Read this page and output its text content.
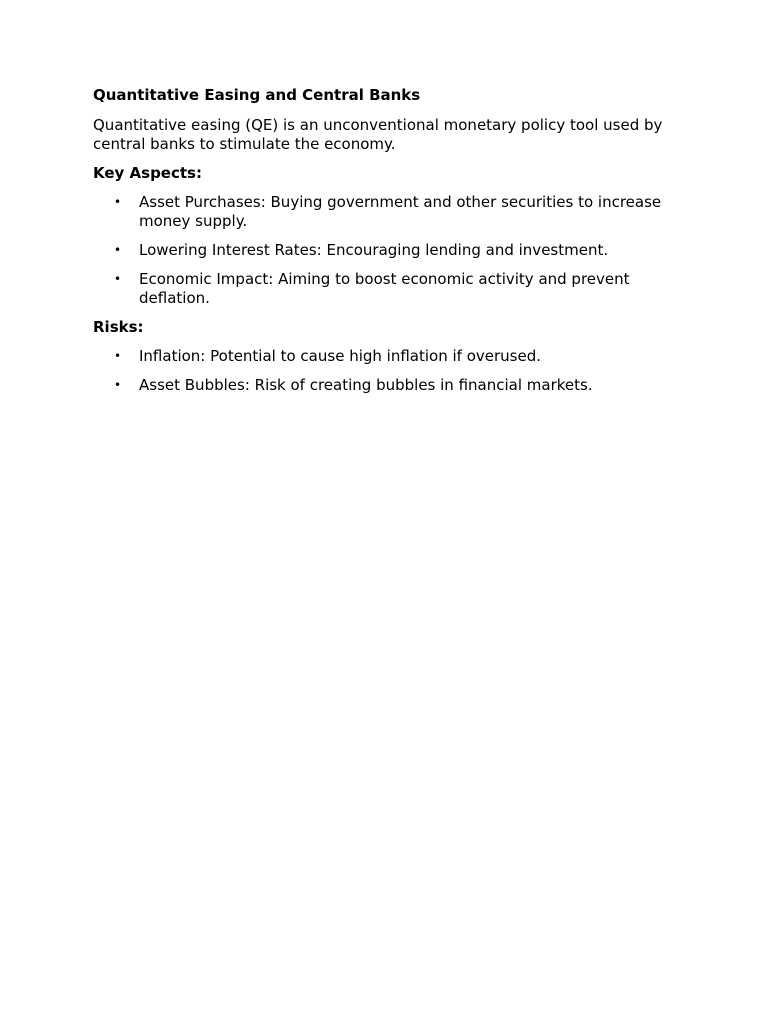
Quantitative Easing and Central Banks
Quantitative easing (QE) is an unconventional monetary policy tool used by central banks to stimulate the economy.
Key Aspects:
• Asset Purchases: Buying government and other securities to increase money supply.
• Lowering Interest Rates: Encouraging lending and investment.
• Economic Impact: Aiming to boost economic activity and prevent deflation.
Risks:
• Inflation: Potential to cause high inflation if overused.
• Asset Bubbles: Risk of creating bubbles in financial markets.
